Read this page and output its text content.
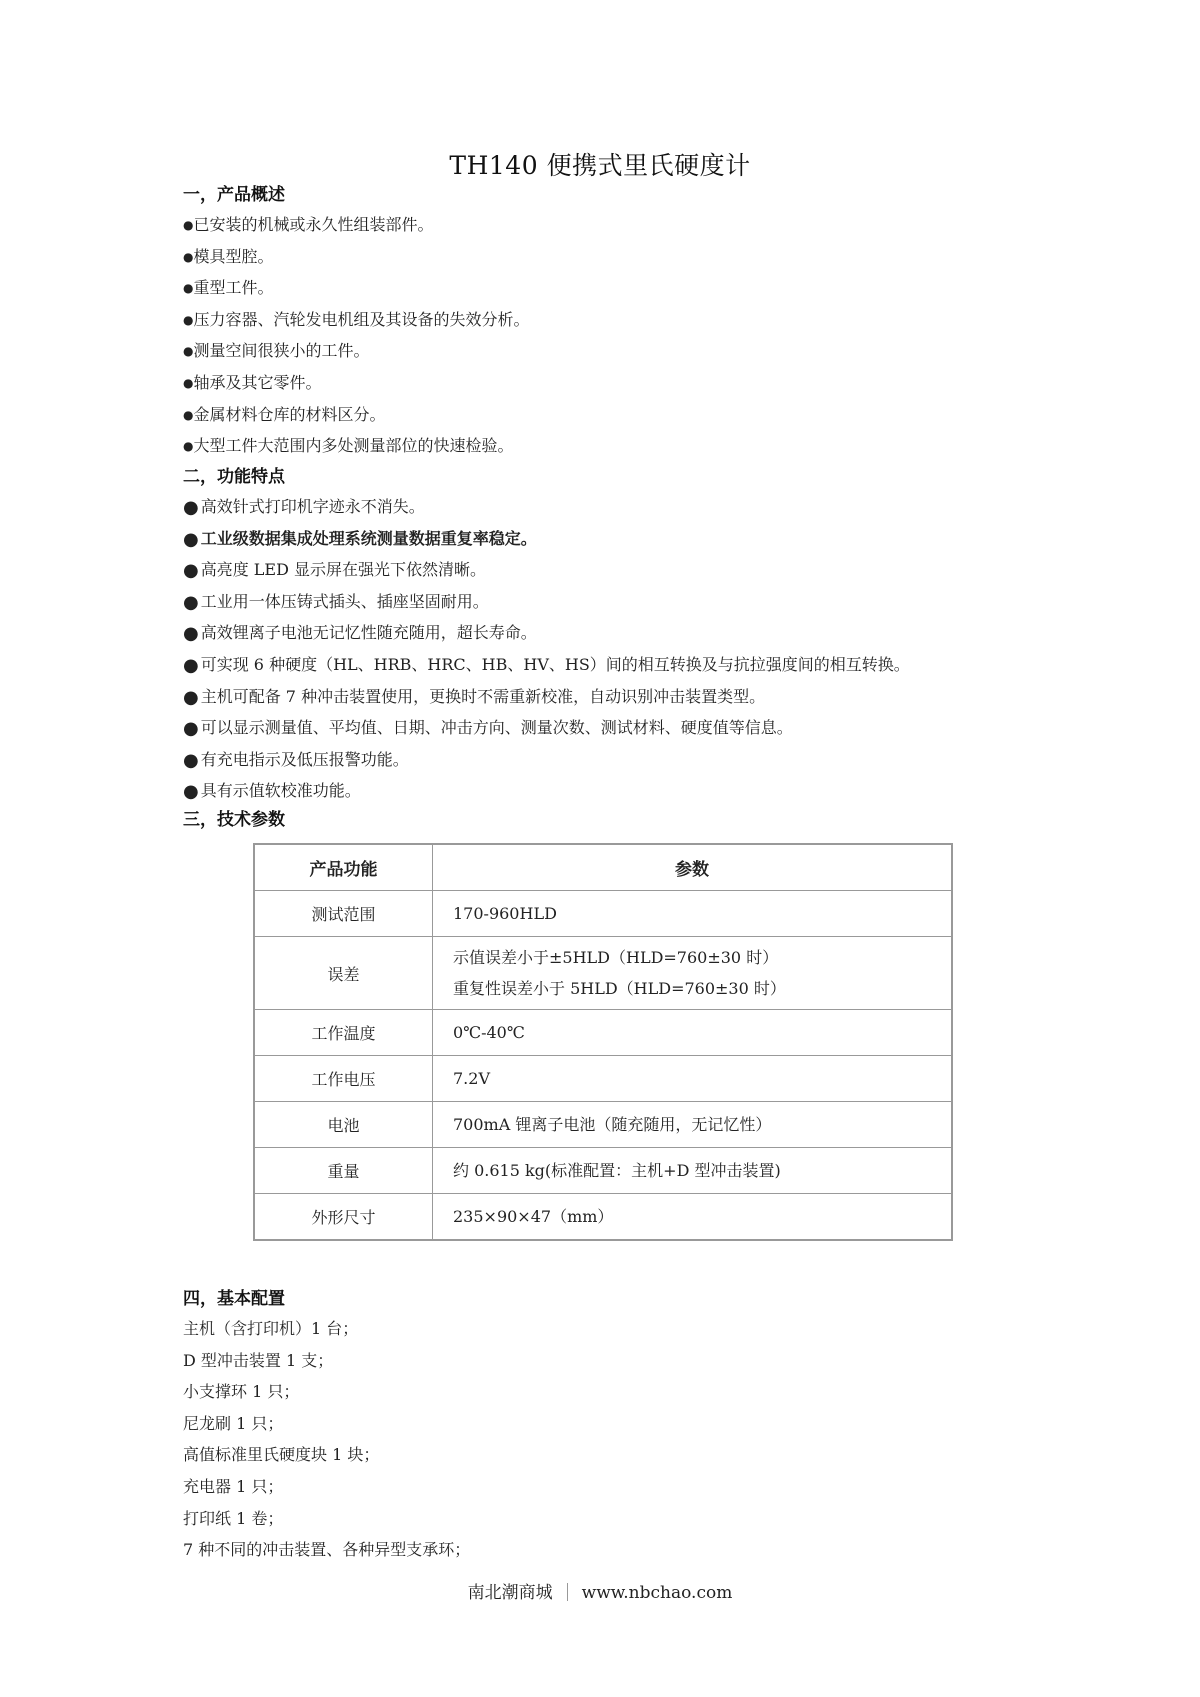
TH140 便携式里氏硬度计
一，产品概述
●已安装的机械或永久性组装部件。
●模具型腔。
●重型工件。
●压力容器、汽轮发电机组及其设备的失效分析。
●测量空间很狭小的工件。
●轴承及其它零件。
●金属材料仓库的材料区分。
●大型工件大范围内多处测量部位的快速检验。
二，功能特点
● 高效针式打印机字迹永不消失。
● 工业级数据集成处理系统测量数据重复率稳定。
● 高亮度 LED 显示屏在强光下依然清晰。
● 工业用一体压铸式插头、插座坚固耐用。
● 高效锂离子电池无记忆性随充随用，超长寿命。
● 可实现 6 种硬度（HL、HRB、HRC、HB、HV、HS）间的相互转换及与抗拉强度间的相互转换。
● 主机可配备 7 种冲击装置使用，更换时不需重新校准，自动识别冲击装置类型。
● 可以显示测量值、平均值、日期、冲击方向、测量次数、测试材料、硬度值等信息。
● 有充电指示及低压报警功能。
● 具有示值软校准功能。
三，技术参数
产品功能	参数
测试范围	170-960HLD

误差	示值误差小于±5HLD（HLD=760±30 时）
重复性误差小于 5HLD（HLD=760±30 时）

工作温度	0℃-40℃

工作电压	7.2V

电池	700mA 锂离子电池（随充随用，无记忆性）

重量	约 0.615 kg(标准配置：主机+D 型冲击装置)

外形尺寸	235×90×47（mm）
四，基本配置
主机（含打印机）1 台；
D 型冲击装置 1 支；
小支撑环 1 只；
尼龙刷 1 只；
高值标准里氏硬度块 1 块；
充电器 1 只；
打印纸 1 卷；
7 种不同的冲击装置、各种异型支承环；
南北潮商城 www.nbchao.com
